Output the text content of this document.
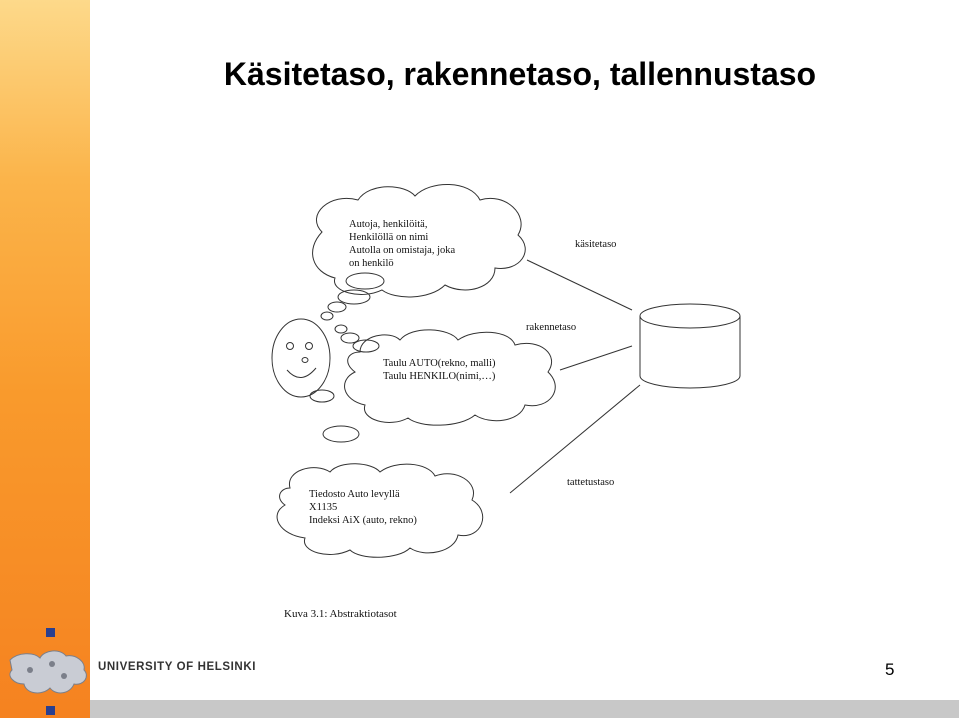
Käsitetaso, rakennetaso, tallennustaso
Autoja, henkilöitä,
Henkilöllä on nimi
Autolla on omistaja, joka
on henkilö
Taulu AUTO(rekno, malli)
Taulu HENKILO(nimi,…)
Tiedosto Auto levyllä
X1135
Indeksi AiX (auto, rekno)
käsitetaso
rakennetaso
tattetustaso
Kuva 3.1: Abstraktiotasot
UNIVERSITY OF HELSINKI	5
